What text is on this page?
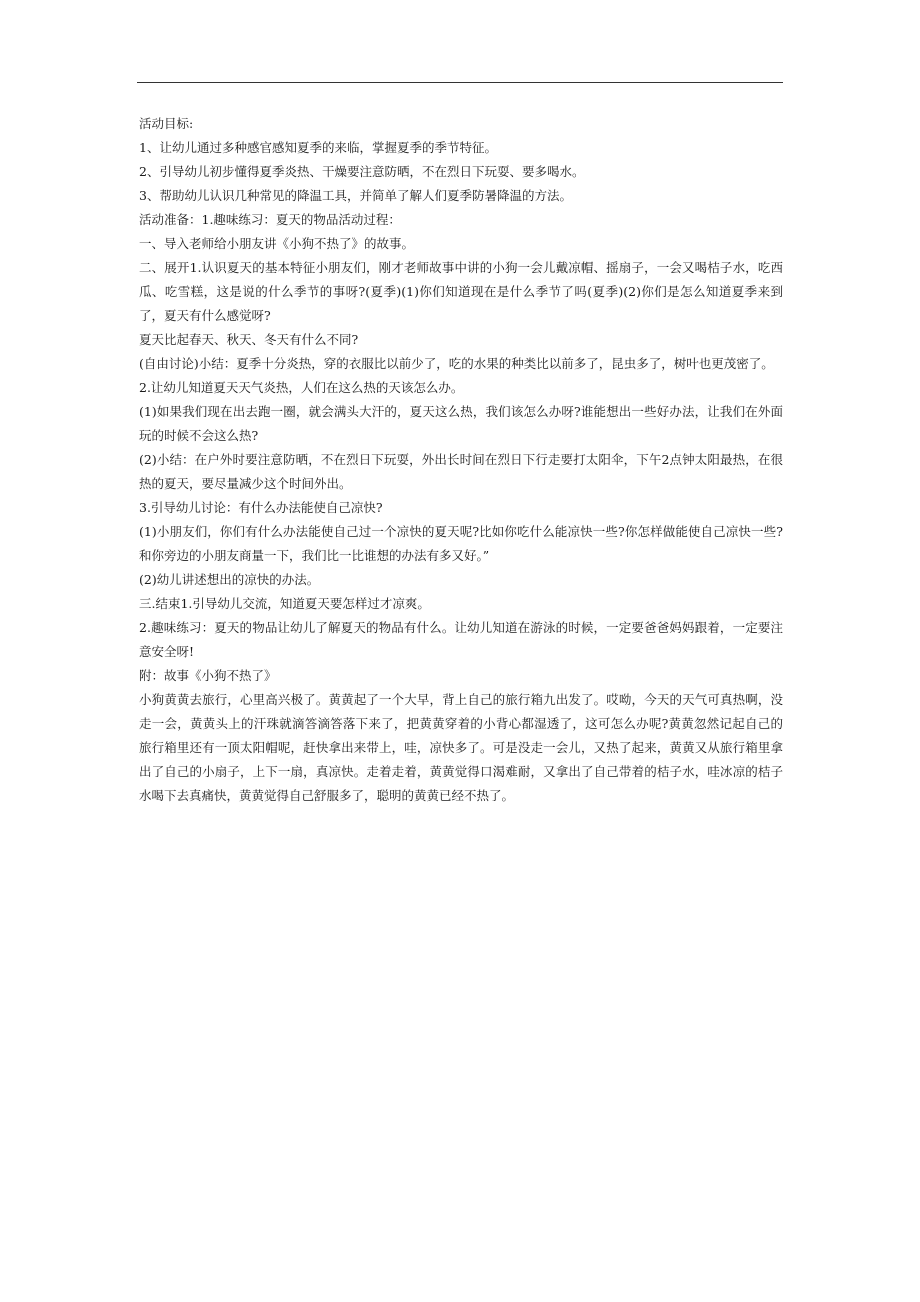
活动目标:

1、让幼儿通过多种感官感知夏季的来临，掌握夏季的季节特征。

2、引导幼儿初步懂得夏季炎热、干燥要注意防晒，不在烈日下玩耍、要多喝水。

3、帮助幼儿认识几种常见的降温工具，并简单了解人们夏季防暑降温的方法。

活动准备：1.趣味练习：夏天的物品活动过程：

一、导入老师给小朋友讲《小狗不热了》的故事。

二、展开1.认识夏天的基本特征小朋友们，刚才老师故事中讲的小狗一会儿戴凉帽、摇扇子，一会又喝桔子水，吃西瓜、吃雪糕，这是说的什么季节的事呀?(夏季)(1)你们知道现在是什么季节了吗(夏季)(2)你们是怎么知道夏季来到了，夏天有什么感觉呀?

夏天比起春天、秋天、冬天有什么不同?

(自由讨论)小结：夏季十分炎热，穿的衣服比以前少了，吃的水果的种类比以前多了，昆虫多了，树叶也更茂密了。

2.让幼儿知道夏天天气炎热，人们在这么热的天该怎么办。

(1)如果我们现在出去跑一圈，就会满头大汗的，夏天这么热，我们该怎么办呀?谁能想出一些好办法，让我们在外面玩的时候不会这么热?

(2)小结：在户外时要注意防晒，不在烈日下玩耍，外出长时间在烈日下行走要打太阳伞，下午2点钟太阳最热，在很热的夏天，要尽量减少这个时间外出。

3.引导幼儿讨论：有什么办法能使自己凉快?

(1)小朋友们，你们有什么办法能使自己过一个凉快的夏天呢?比如你吃什么能凉快一些?你怎样做能使自己凉快一些?和你旁边的小朋友商量一下，我们比一比谁想的办法有多又好。”

(2)幼儿讲述想出的凉快的办法。

三.结束1.引导幼儿交流，知道夏天要怎样过才凉爽。

2.趣味练习：夏天的物品让幼儿了解夏天的物品有什么。让幼儿知道在游泳的时候，一定要爸爸妈妈跟着，一定要注意安全呀!

附：故事《小狗不热了》

小狗黄黄去旅行，心里高兴极了。黄黄起了一个大早，背上自己的旅行箱九出发了。哎呦，今天的天气可真热啊，没走一会，黄黄头上的汗珠就滴答滴答落下来了，把黄黄穿着的小背心都湿透了，这可怎么办呢?黄黄忽然记起自己的旅行箱里还有一顶太阳帽呢，赶快拿出来带上，哇，凉快多了。可是没走一会儿，又热了起来，黄黄又从旅行箱里拿出了自己的小扇子，上下一扇，真凉快。走着走着，黄黄觉得口渴难耐，又拿出了自己带着的桔子水，哇冰凉的桔子水喝下去真痛快，黄黄觉得自己舒服多了，聪明的黄黄已经不热了。
